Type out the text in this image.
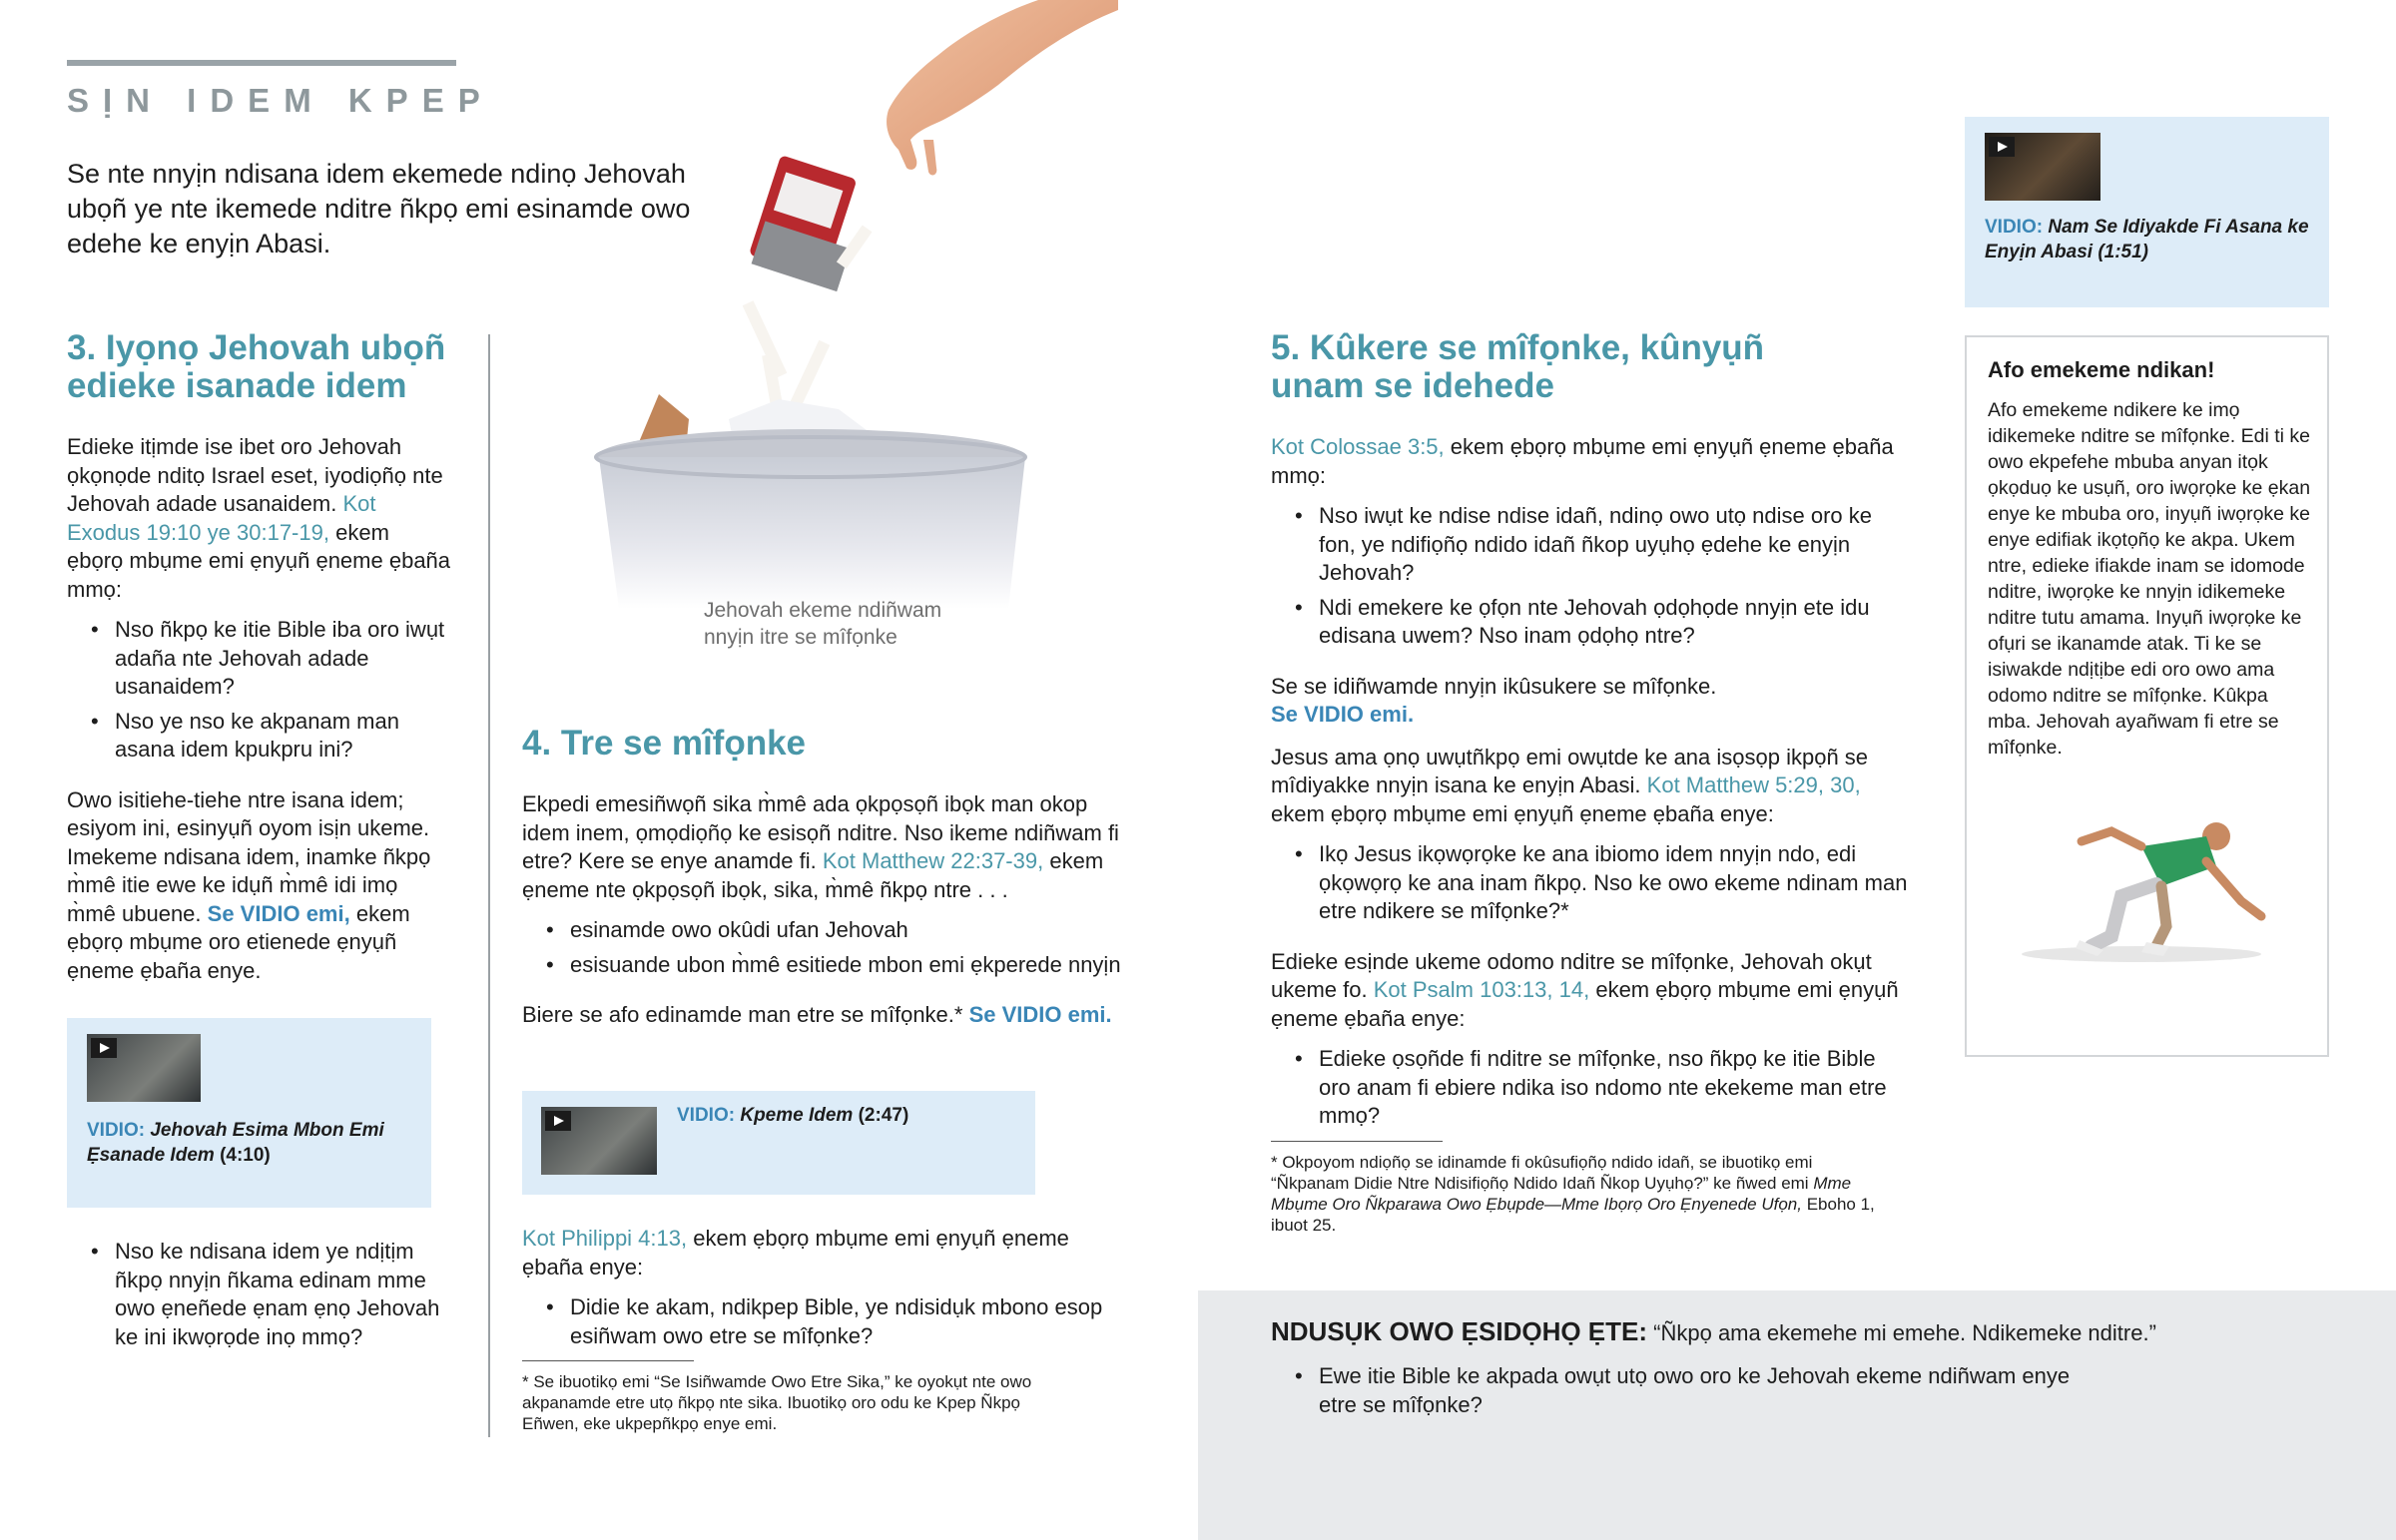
SỊN IDEM KPEP

Se nte nnyịn ndisana idem ekemede ndinọ Jehovah ubọñ ye nte ikemede nditre ñkpọ emi esinamde owo edehe ke enyịn Abasi.

Jehovah ekeme ndiñwam nnyịn itre se mîfọnke
3. Iyọnọ Jehovah ubọñ edieke isanade idem

Edieke itịmde ise ibet oro Jehovah ọkọnọde nditọ Israel eset, iyodiọñọ nte Jehovah adade usanaidem. Kot Exodus 19:10 ye 30:17-19, ekem ẹbọrọ mbụme emi ẹnyụñ ẹneme ẹbaña mmọ:

• Nso ñkpọ ke itie Bible iba oro iwụt adaña nte Jehovah adade usanaidem?
• Nso ye nso ke akpanam man asana idem kpukpru ini?

Owo isitiehe-tiehe ntre isana idem; esiyom ini, esinyụñ oyom isịn ukeme. Imekeme ndisana idem, inamke ñkpọ m̀mê itie ewe ke idụñ m̀mê idi imọ m̀mê ubuene. Se VIDIO emi, ekem ẹbọrọ mbụme oro etienede ẹnyụñ ẹneme ẹbaña enye.

VIDIO: Jehovah Esima Mbon Emi Ẹsanade Idem (4:10)
• Nso ke ndisana idem ye ndịtịm ñkpọ nnyịn ñkama edinam mme owo ẹneñede ẹnam ẹnọ Jehovah ke ini ikwọrọde inọ mmọ?
4. Tre se mîfọnke

Ekpedi emesiñwọñ sika m̀mê ada ọkpọsọñ ibọk man okop idem inem, ọmọdiọñọ ke esisọñ nditre. Nso ikeme ndiñwam fi etre? Kere se enye anamde fi. Kot Matthew 22:37-39, ekem ẹneme nte ọkpọsọñ ibọk, sika, m̀mê ñkpọ ntre . . .

• esinamde owo okûdi ufan Jehovah
• esisuande ubon m̀mê esitiede mbon emi ẹkperede nnyịn

Biere se afo edinamde man etre se mîfọnke.* Se VIDIO emi.

VIDIO: Kpeme Idem (2:47)

Kot Philippi 4:13, ekem ẹbọrọ mbụme emi ẹnyụñ ẹneme ẹbaña enye:

• Didie ke akam, ndikpep Bible, ye ndisidụk mbono esop esiñwam owo etre se mîfọnke?

* Se ibuotikọ emi “Se Isiñwamde Owo Etre Sika,” ke oyokụt nte owo akpanamde etre utọ ñkpọ nte sika. Ibuotikọ oro odu ke Kpep Ñkpọ Eñwen, eke ukpepñkpọ enye emi.

5. Kûkere se mîfọnke, kûnyụñ unam se idehede

Kot Colossae 3:5, ekem ẹbọrọ mbụme emi ẹnyụñ ẹneme ẹbaña mmọ:

• Nso iwụt ke ndise ndise idañ, ndinọ owo utọ ndise oro ke fon, ye ndifiọñọ ndido idañ ñkop uyụhọ ẹdehe ke enyịn Jehovah?
• Ndi emekere ke ọfọn nte Jehovah ọdọhọde nnyịn ete idu edisana uwem? Nso inam ọdọhọ ntre?

Se se idiñwamde nnyịn ikûsukere se mîfọnke.
Se VIDIO emi.

Jesus ama ọnọ uwụtñkpọ emi owụtde ke ana isọsọp ikpọñ se mîdiyakke nnyịn isana ke enyịn Abasi. Kot Matthew 5:29, 30, ekem ẹbọrọ mbụme emi ẹnyụñ ẹneme ẹbaña enye:

• Ikọ Jesus ikọwọrọke ke ana ibiomo idem nnyịn ndo, edi ọkọwọrọ ke ana inam ñkpọ. Nso ke owo ekeme ndinam man etre ndikere se mîfọnke?*

Edieke esịnde ukeme odomo nditre se mîfọnke, Jehovah okụt ukeme fo. Kot Psalm 103:13, 14, ekem ẹbọrọ mbụme emi ẹnyụñ ẹneme ẹbaña enye:

• Edieke ọsọñde fi nditre se mîfọnke, nso ñkpọ ke itie Bible oro anam fi ebiere ndika iso ndomo nte ekekeme man etre mmọ?

* Okpoyom ndiọñọ se idinamde fi okûsufiọñọ ndido idañ, se ibuotikọ emi “Ñkpanam Didie Ntre Ndisifiọñọ Ndido Idañ Ñkop Uyụhọ?” ke ñwed emi Mme Mbụme Oro Ñkparawa Owo Ẹbụpde—Mme Ibọrọ Oro Ẹnyenede Ufọn, Eboho 1, ibuot 25.

VIDIO: Nam Se Idiyakde Fi Asana ke Enyịn Abasi (1:51)
Afo emekeme ndikan!

Afo emekeme ndikere ke imọ idikemeke nditre se mîfọnke. Edi ti ke owo ekpefehe mbuba anyan itọk ọkọduọ ke usụñ, oro iwọrọke ke ẹkan enye ke mbuba oro, inyụñ iwọrọke ke enye edifiak ikọtọñọ ke akpa. Ukem ntre, edieke ifiakde inam se idomode nditre, iwọrọke ke nnyịn idikemeke nditre tutu amama. Inyụñ iwọrọke ke ofụri se ikanamde atak. Ti ke se isiwakde ndịtịbe edi oro owo ama odomo nditre se mîfọnke. Kûkpa mba. Jehovah ayañwam fi etre se mîfọnke.

NDUSỤK OWO ẸSIDỌHỌ ẸTE: “Ñkpọ ama ekemehe mi emehe. Ndikemeke nditre.”

• Ewe itie Bible ke akpada owụt utọ owo oro ke Jehovah ekeme ndiñwam enye etre se mîfọnke?
